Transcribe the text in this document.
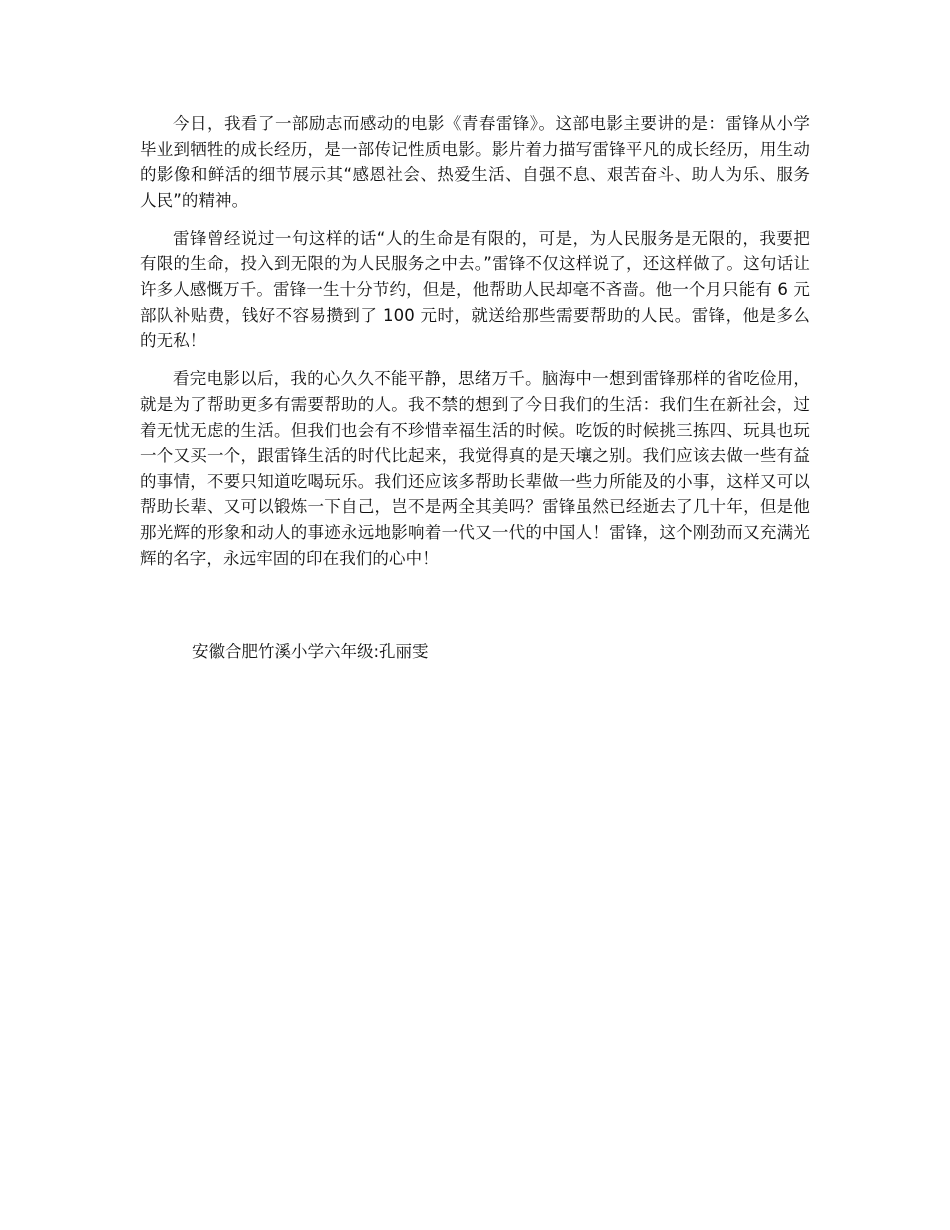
今日，我看了一部励志而感动的电影《青春雷锋》。这部电影主要讲的是：雷锋从小学毕业到牺牲的成长经历，是一部传记性质电影。影片着力描写雷锋平凡的成长经历，用生动的影像和鲜活的细节展示其“感恩社会、热爱生活、自强不息、艰苦奋斗、助人为乐、服务人民”的精神。

雷锋曾经说过一句这样的话“人的生命是有限的，可是，为人民服务是无限的，我要把有限的生命，投入到无限的为人民服务之中去。”雷锋不仅这样说了，还这样做了。这句话让许多人感慨万千。雷锋一生十分节约，但是，他帮助人民却毫不吝啬。他一个月只能有 6 元部队补贴费，钱好不容易攒到了 100 元时，就送给那些需要帮助的人民。雷锋，他是多么的无私！

看完电影以后，我的心久久不能平静，思绪万千。脑海中一想到雷锋那样的省吃俭用，就是为了帮助更多有需要帮助的人。我不禁的想到了今日我们的生活：我们生在新社会，过着无忧无虑的生活。但我们也会有不珍惜幸福生活的时候。吃饭的时候挑三拣四、玩具也玩一个又买一个，跟雷锋生活的时代比起来，我觉得真的是天壤之别。我们应该去做一些有益的事情，不要只知道吃喝玩乐。我们还应该多帮助长辈做一些力所能及的小事，这样又可以帮助长辈、又可以锻炼一下自己，岂不是两全其美吗？雷锋虽然已经逝去了几十年，但是他那光辉的形象和动人的事迹永远地影响着一代又一代的中国人！雷锋，这个刚劲而又充满光辉的名字，永远牢固的印在我们的心中！

安徽合肥竹溪小学六年级:孔丽雯
